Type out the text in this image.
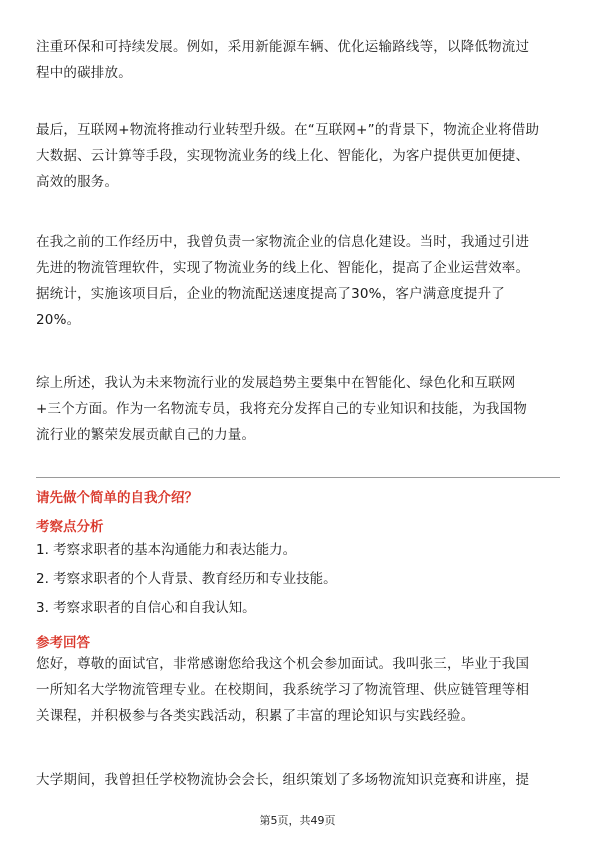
注重环保和可持续发展。例如，采用新能源车辆、优化运输路线等，以降低物流过
程中的碳排放。
最后，互联网+物流将推动行业转型升级。在“互联网+”的背景下，物流企业将借助
大数据、云计算等手段，实现物流业务的线上化、智能化，为客户提供更加便捷、
高效的服务。
在我之前的工作经历中，我曾负责一家物流企业的信息化建设。当时，我通过引进
先进的物流管理软件，实现了物流业务的线上化、智能化，提高了企业运营效率。
据统计，实施该项目后，企业的物流配送速度提高了30%，客户满意度提升了
20%。
综上所述，我认为未来物流行业的发展趋势主要集中在智能化、绿色化和互联网
+三个方面。作为一名物流专员，我将充分发挥自己的专业知识和技能，为我国物
流行业的繁荣发展贡献自己的力量。
请先做个简单的自我介绍？
考察点分析
1. 考察求职者的基本沟通能力和表达能力。
2. 考察求职者的个人背景、教育经历和专业技能。
3. 考察求职者的自信心和自我认知。
参考回答
您好，尊敬的面试官，非常感谢您给我这个机会参加面试。我叫张三，毕业于我国
一所知名大学物流管理专业。在校期间，我系统学习了物流管理、供应链管理等相
关课程，并积极参与各类实践活动，积累了丰富的理论知识与实践经验。
大学期间，我曾担任学校物流协会会长，组织策划了多场物流知识竞赛和讲座，提
第5页，共49页
